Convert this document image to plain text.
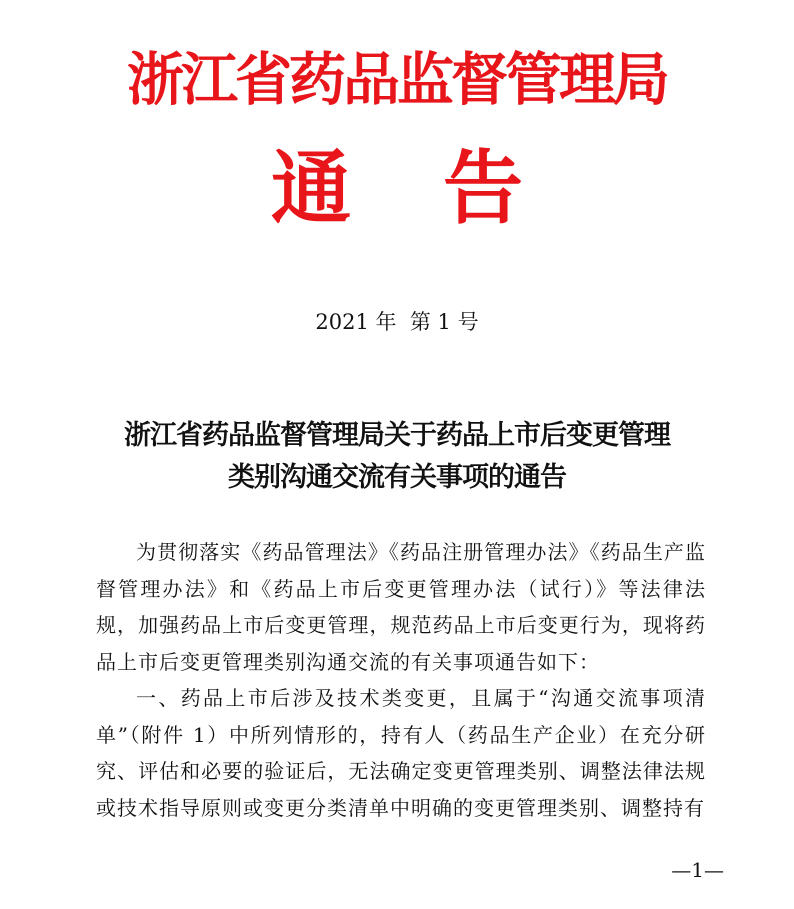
浙江省药品监督管理局
通 告
2021 年  第 1 号
浙江省药品监督管理局关于药品上市后变更管理
类别沟通交流有关事项的通告

为贯彻落实《药品管理法》《药品注册管理办法》《药品生产监督管理办法》和《药品上市后变更管理办法（试行）》等法律法规，加强药品上市后变更管理，规范药品上市后变更行为，现将药品上市后变更管理类别沟通交流的有关事项通告如下：

一、药品上市后涉及技术类变更，且属于“沟通交流事项清单”（附件 1）中所列情形的，持有人（药品生产企业）在充分研究、评估和必要的验证后，无法确定变更管理类别、调整法律法规或技术指导原则或变更分类清单中明确的变更管理类别、调整持有

—1—
